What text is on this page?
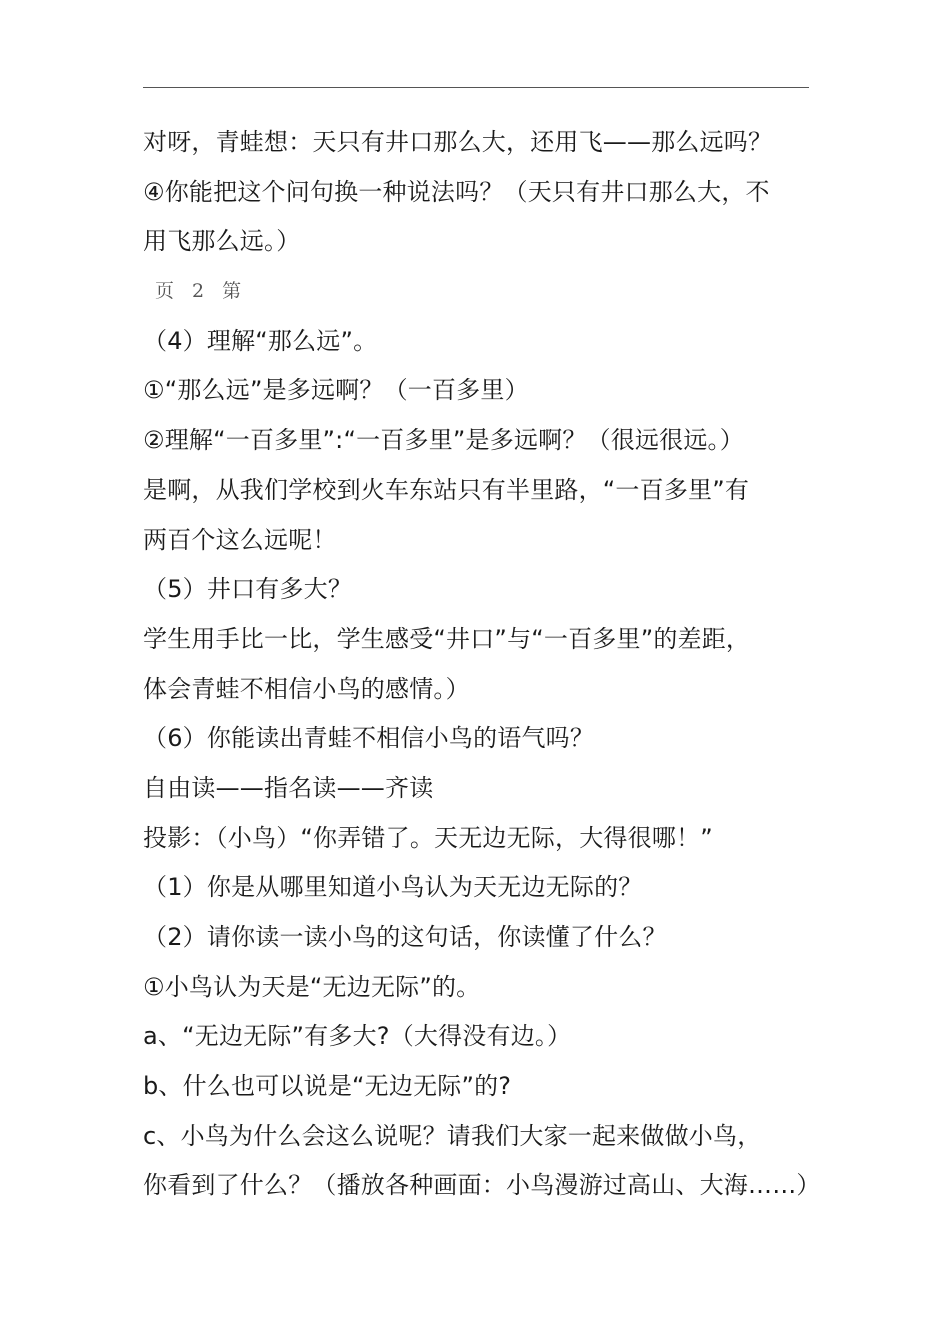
对呀，青蛙想：天只有井口那么大，还用飞——那么远吗？
④你能把这个问句换一种说法吗？（天只有井口那么大，不
用飞那么远。）
页 2 第
（4）理解“那么远”。
①“那么远”是多远啊？（一百多里）
②理解“一百多里”:“一百多里”是多远啊？（很远很远。）
是啊，从我们学校到火车东站只有半里路，“一百多里”有
两百个这么远呢！
（5）井口有多大？
学生用手比一比，学生感受“井口”与“一百多里”的差距，
体会青蛙不相信小鸟的感情。）
（6）你能读出青蛙不相信小鸟的语气吗？
自由读——指名读——齐读
投影：（小鸟）“你弄错了。天无边无际，大得很哪！”
（1）你是从哪里知道小鸟认为天无边无际的？
（2）请你读一读小鸟的这句话，你读懂了什么？
①小鸟认为天是“无边无际”的。
a、“无边无际”有多大?（大得没有边。）
b、什么也可以说是“无边无际”的?
c、小鸟为什么会这么说呢？请我们大家一起来做做小鸟，
你看到了什么？（播放各种画面：小鸟漫游过高山、大海……）
